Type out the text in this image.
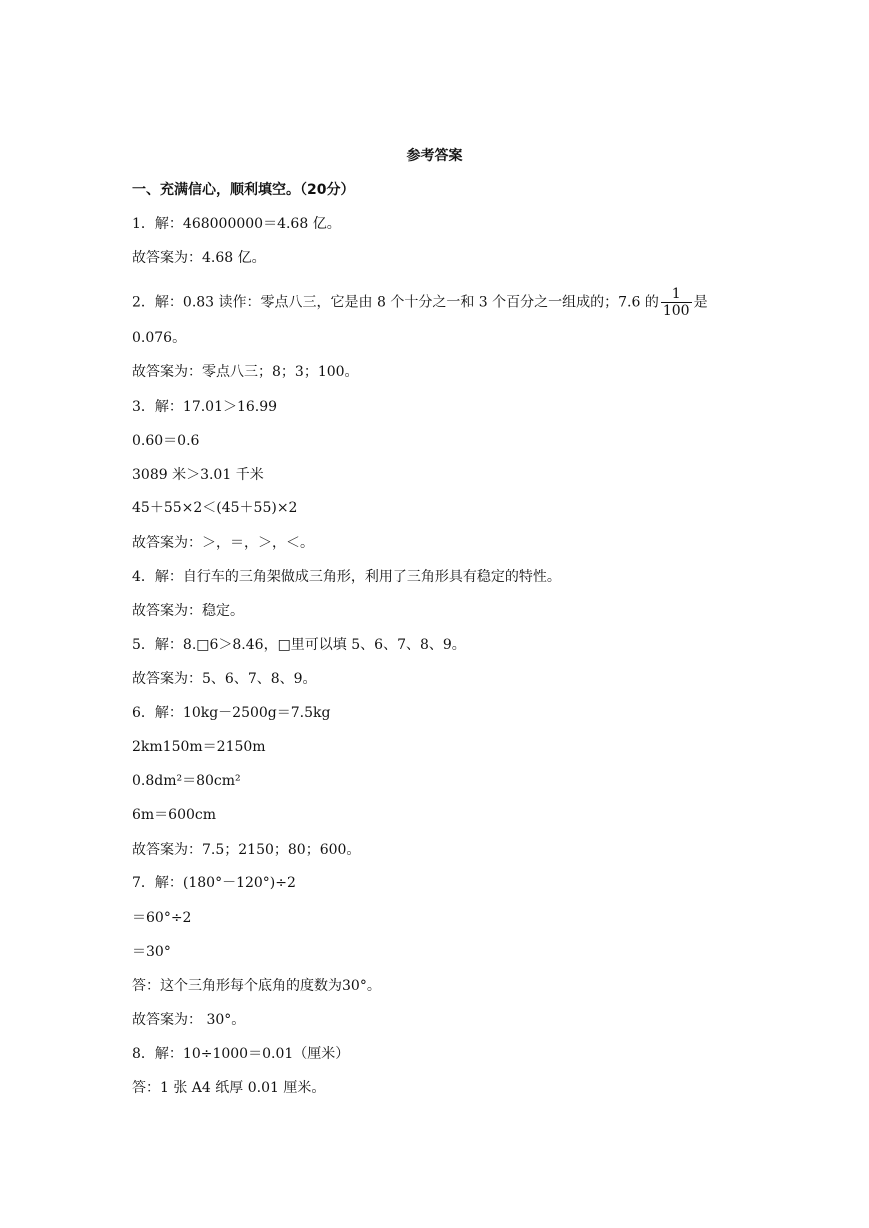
参考答案
一、充满信心，顺利填空。（20分）
1．解：468000000＝4.68 亿。
故答案为：4.68 亿。
2．解：0.83 读作：零点八三，它是由 8 个十分之一和 3 个百分之一组成的；7.6 的 $\frac{1}{100}$ 是
0.076。
故答案为：零点八三；8；3；100。
3．解：17.01＞16.99
0.60＝0.6
3089 米＞3.01 千米
45＋55×2＜(45＋55)×2
故答案为：＞，＝，＞，＜。
4．解：自行车的三角架做成三角形，利用了三角形具有稳定的特性。
故答案为：稳定。
5．解：8.□6＞8.46，□里可以填 5、6、7、8、9。
故答案为：5、6、7、8、9。
6．解：10kg－2500g＝7.5kg
2km150m＝2150m
0.8dm²＝80cm²
6m＝600cm
故答案为：7.5；2150；80；600。
7．解：(180°－120°)÷2
＝60°÷2
＝30°
答：这个三角形每个底角的度数为30°。
故答案为： 30°。
8．解：10÷1000＝0.01（厘米）
答：1 张 A4 纸厚 0.01 厘米。
